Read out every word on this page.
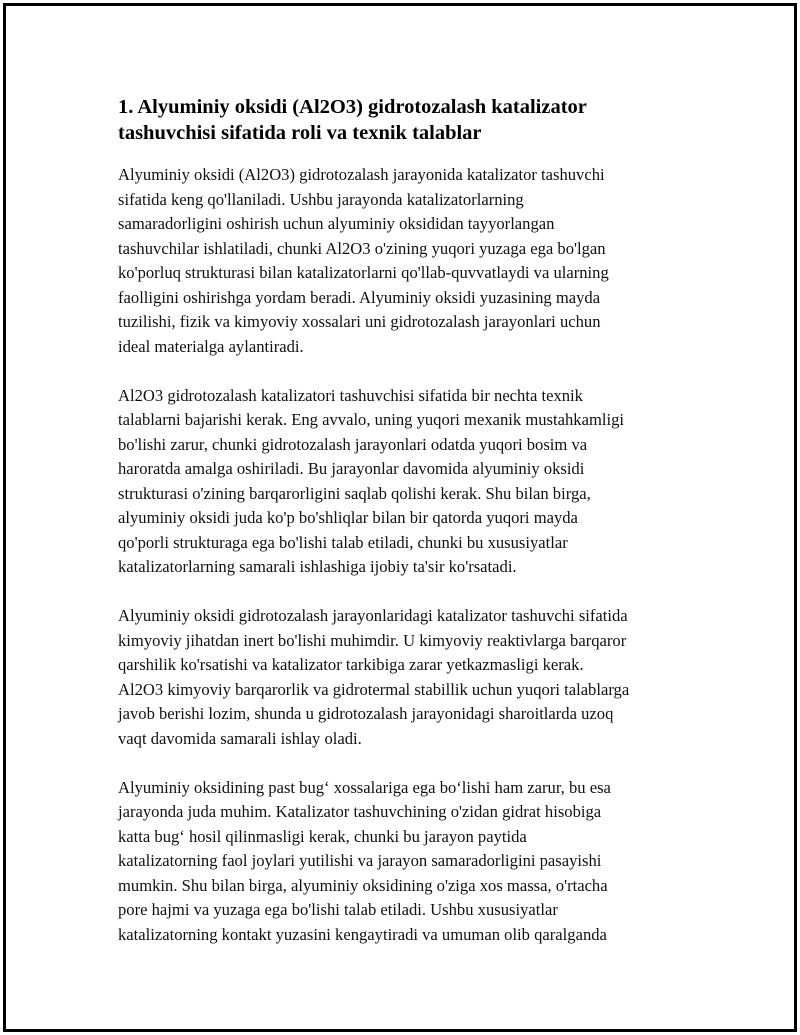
1. Alyuminiy oksidi (Al2O3) gidrotozalash katalizator
tashuvchisi sifatida roli va texnik talablar

Alyuminiy oksidi (Al2O3) gidrotozalash jarayonida katalizator tashuvchi
sifatida keng qo'llaniladi. Ushbu jarayonda katalizatorlarning
samaradorligini oshirish uchun alyuminiy oksididan tayyorlangan
tashuvchilar ishlatiladi, chunki Al2O3 o'zining yuqori yuzaga ega bo'lgan
ko'porluq strukturasi bilan katalizatorlarni qo'llab-quvvatlaydi va ularning
faolligini oshirishga yordam beradi. Alyuminiy oksidi yuzasining mayda
tuzilishi, fizik va kimyoviy xossalari uni gidrotozalash jarayonlari uchun
ideal materialga aylantiradi.

Al2O3 gidrotozalash katalizatori tashuvchisi sifatida bir nechta texnik
talablarni bajarishi kerak. Eng avvalo, uning yuqori mexanik mustahkamligi
bo'lishi zarur, chunki gidrotozalash jarayonlari odatda yuqori bosim va
haroratda amalga oshiriladi. Bu jarayonlar davomida alyuminiy oksidi
strukturasi o'zining barqarorligini saqlab qolishi kerak. Shu bilan birga,
alyuminiy oksidi juda ko'p bo'shliqlar bilan bir qatorda yuqori mayda
qo'porli strukturaga ega bo'lishi talab etiladi, chunki bu xususiyatlar
katalizatorlarning samarali ishlashiga ijobiy ta'sir ko'rsatadi.

Alyuminiy oksidi gidrotozalash jarayonlaridagi katalizator tashuvchi sifatida
kimyoviy jihatdan inert bo'lishi muhimdir. U kimyoviy reaktivlarga barqaror
qarshilik ko'rsatishi va katalizator tarkibiga zarar yetkazmasligi kerak.
Al2O3 kimyoviy barqarorlik va gidrotermal stabillik uchun yuqori talablarga
javob berishi lozim, shunda u gidrotozalash jarayonidagi sharoitlarda uzoq
vaqt davomida samarali ishlay oladi.

Alyuminiy oksidining past bug‘ xossalariga ega bo‘lishi ham zarur, bu esa
jarayonda juda muhim. Katalizator tashuvchining o'zidan gidrat hisobiga
katta bug‘ hosil qilinmasligi kerak, chunki bu jarayon paytida
katalizatorning faol joylari yutilishi va jarayon samaradorligini pasayishi
mumkin. Shu bilan birga, alyuminiy oksidining o'ziga xos massa, o'rtacha
pore hajmi va yuzaga ega bo'lishi talab etiladi. Ushbu xususiyatlar
katalizatorning kontakt yuzasini kengaytiradi va umuman olib qaralganda
